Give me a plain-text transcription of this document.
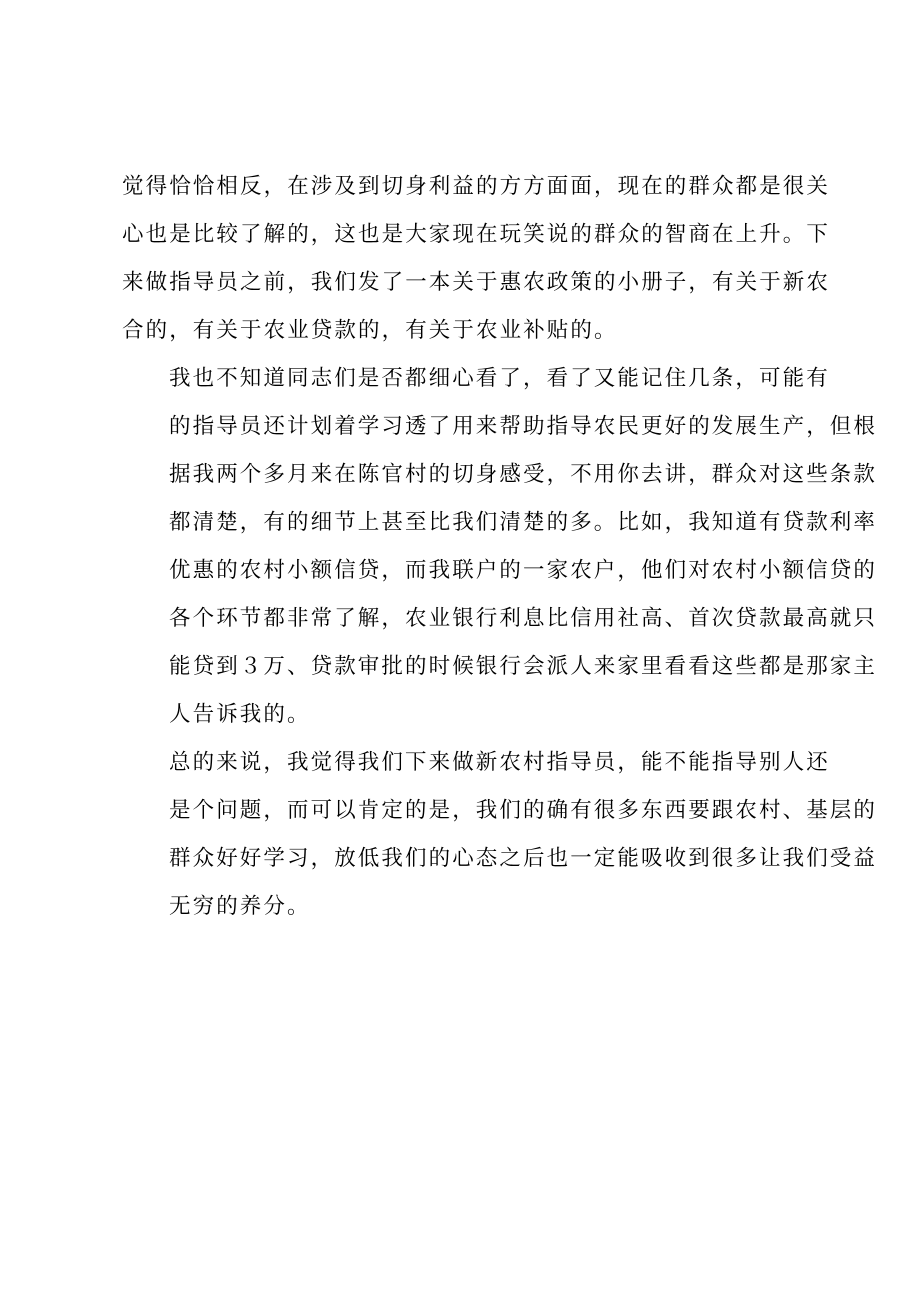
觉得恰恰相反，在涉及到切身利益的方方面面，现在的群众都是很关
心也是比较了解的，这也是大家现在玩笑说的群众的智商在上升。下
来做指导员之前，我们发了一本关于惠农政策的小册子，有关于新农
合的，有关于农业贷款的，有关于农业补贴的。

我也不知道同志们是否都细心看了，看了又能记住几条，可能有
的指导员还计划着学习透了用来帮助指导农民更好的发展生产，但根
据我两个多月来在陈官村的切身感受，不用你去讲，群众对这些条款
都清楚，有的细节上甚至比我们清楚的多。比如，我知道有贷款利率
优惠的农村小额信贷，而我联户的一家农户，他们对农村小额信贷的
各个环节都非常了解，农业银行利息比信用社高、首次贷款最高就只
能贷到３万、贷款审批的时候银行会派人来家里看看这些都是那家主
人告诉我的。

总的来说，我觉得我们下来做新农村指导员，能不能指导别人还
是个问题，而可以肯定的是，我们的确有很多东西要跟农村、基层的
群众好好学习，放低我们的心态之后也一定能吸收到很多让我们受益
无穷的养分。
